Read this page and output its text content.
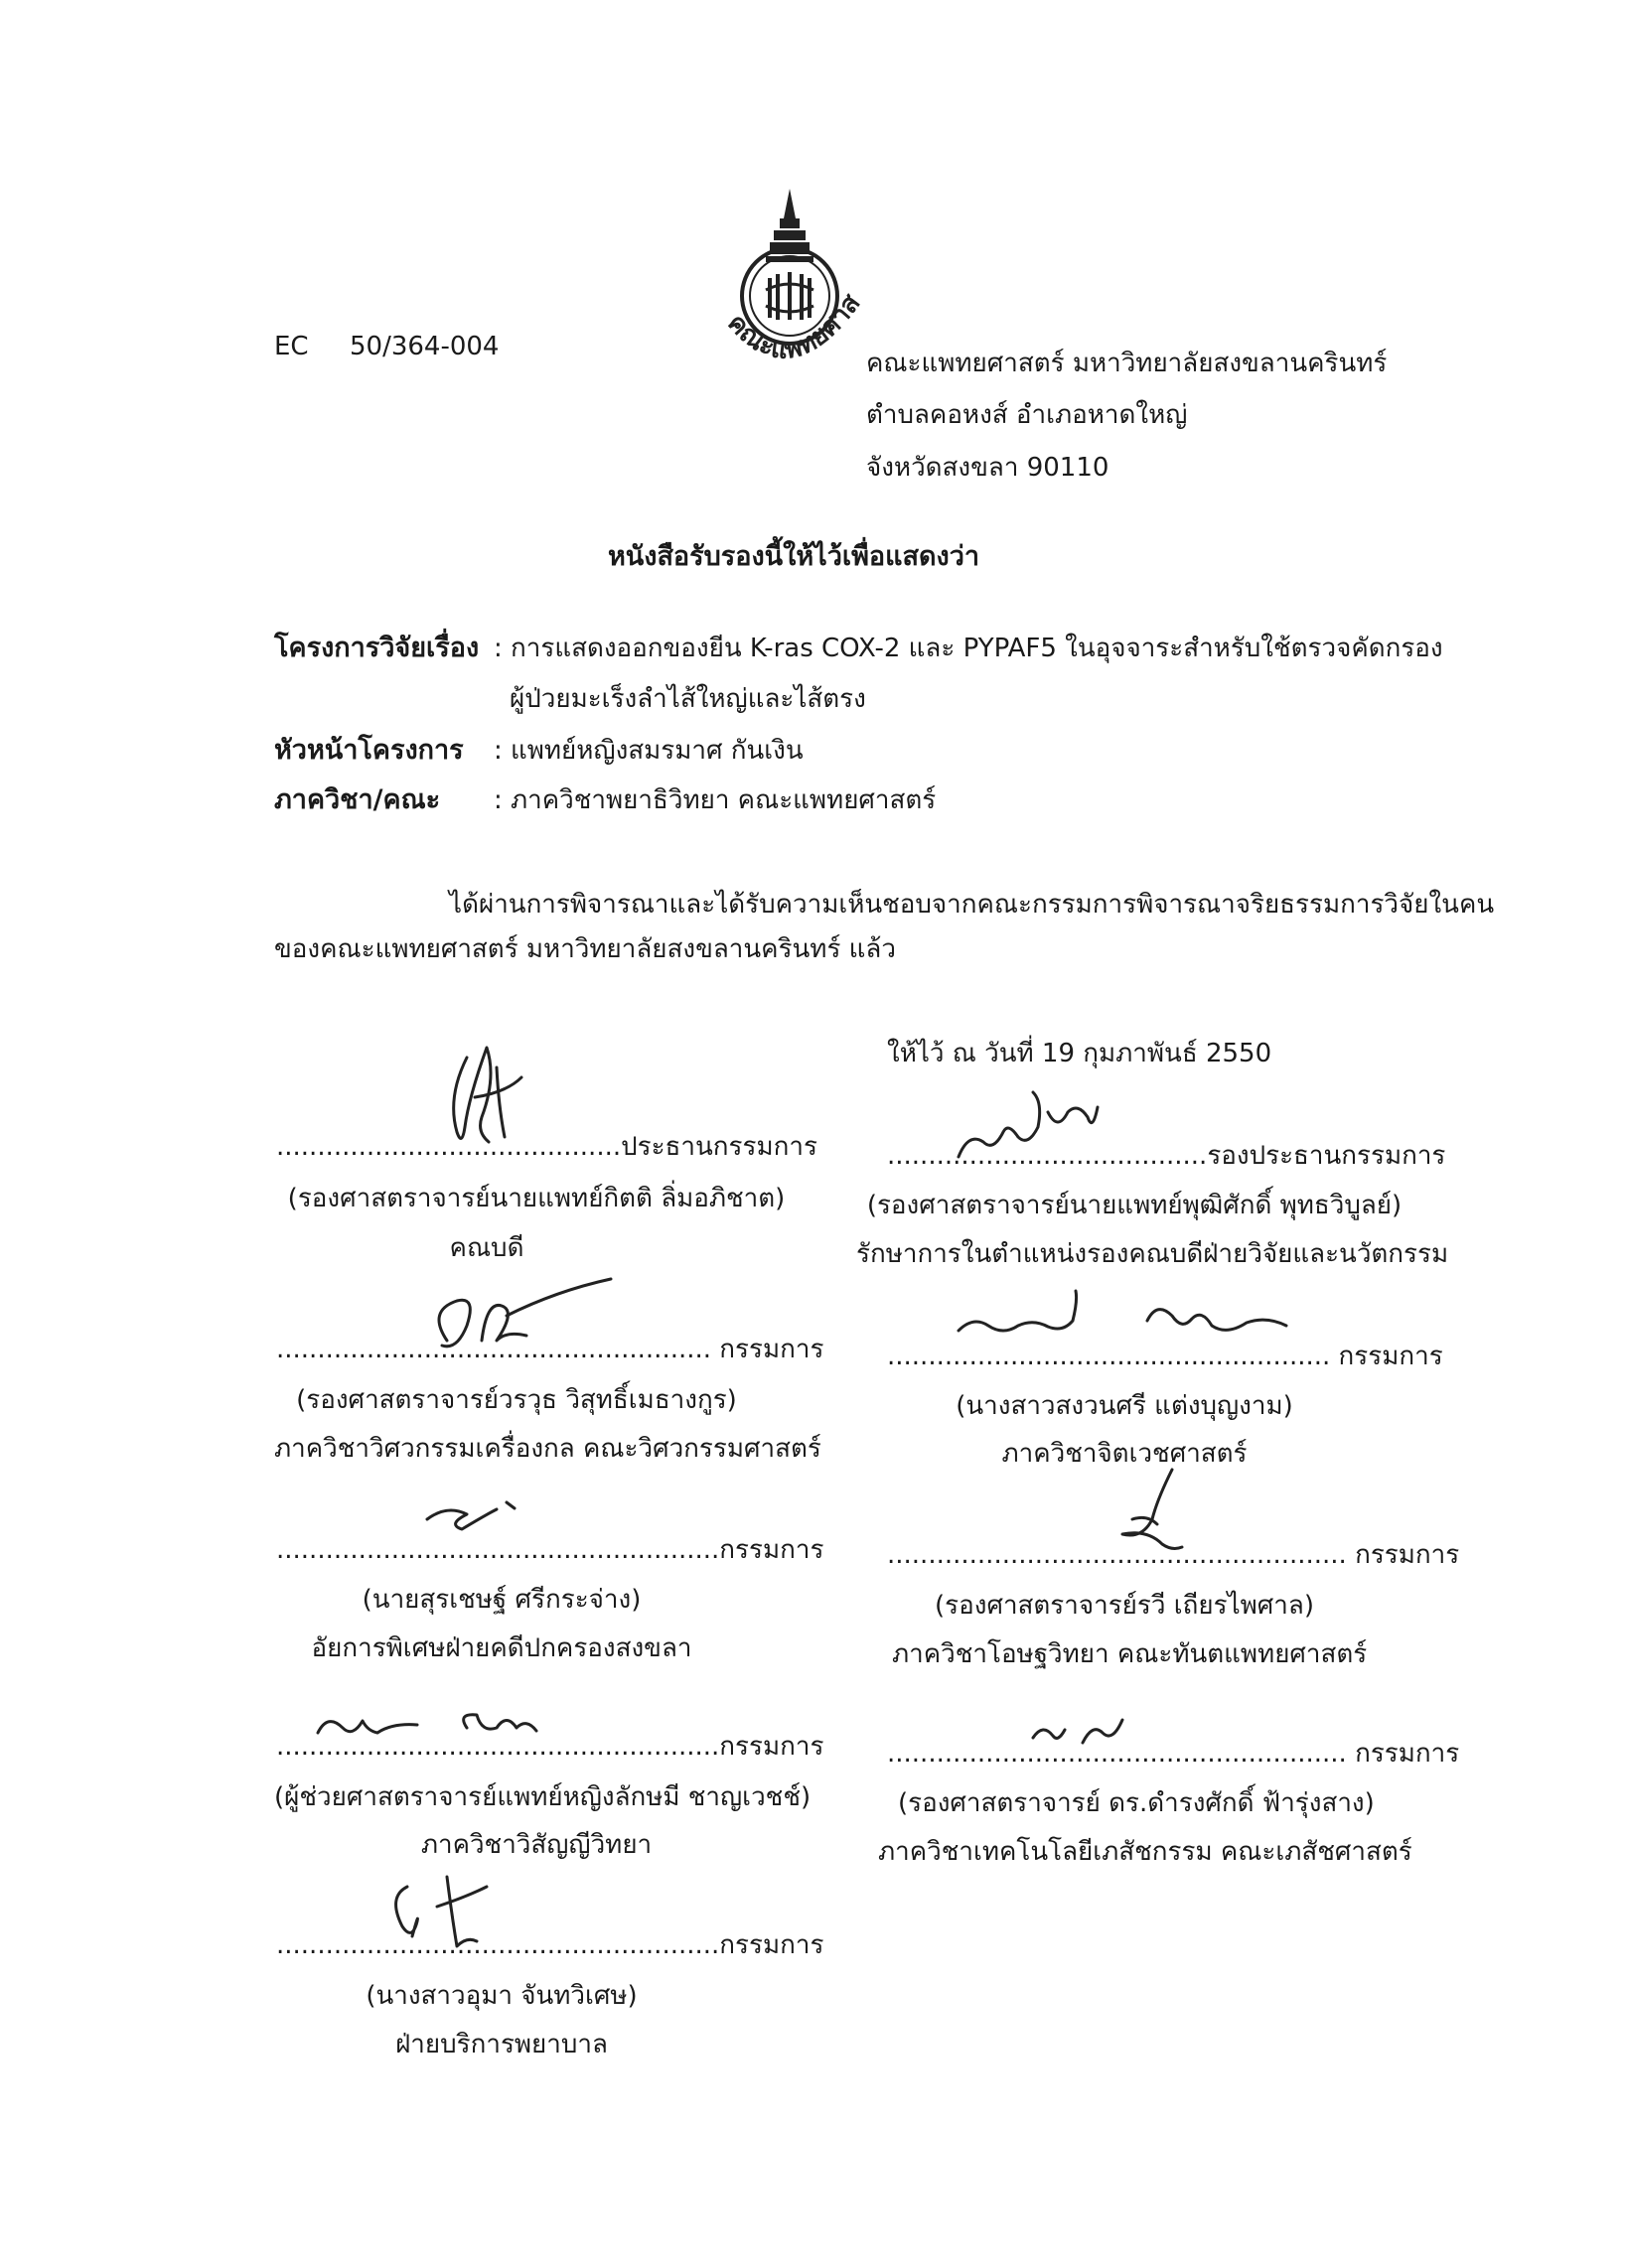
EC 50/364-004
คณะแพทยศาส
คณะแพทยศาสตร์ มหาวิทยาลัยสงขลานครินทร์
ตำบลคอหงส์ อำเภอหาดใหญ่
จังหวัดสงขลา 90110
หนังสือรับรองนี้ให้ไว้เพื่อแสดงว่า
โครงการวิจัยเรื่อง : การแสดงออกของยีน K-ras COX-2 และ PYPAF5 ในอุจจาระสำหรับใช้ตรวจคัดกรอง
ผู้ป่วยมะเร็งลำไส้ใหญ่และไส้ตรง
หัวหน้าโครงการ : แพทย์หญิงสมรมาศ กันเงิน
ภาควิชา/คณะ : ภาควิชาพยาธิวิทยา คณะแพทยศาสตร์
ได้ผ่านการพิจารณาและได้รับความเห็นชอบจากคณะกรรมการพิจารณาจริยธรรมการวิจัยในคน
ของคณะแพทยศาสตร์ มหาวิทยาลัยสงขลานครินทร์ แล้ว
ให้ไว้ ณ วันที่ 19 กุมภาพันธ์ 2550
..........................................ประธานกรรมการ
(รองศาสตราจารย์นายแพทย์กิตติ ลิ่มอภิชาต)
คณบดี
..................................................... กรรมการ
(รองศาสตราจารย์วรวุธ วิสุทธิ์เมธางกูร)
ภาควิชาวิศวกรรมเครื่องกล คณะวิศวกรรมศาสตร์
......................................................กรรมการ
(นายสุรเชษฐ์ ศรีกระจ่าง)
อัยการพิเศษฝ่ายคดีปกครองสงขลา
......................................................กรรมการ
(ผู้ช่วยศาสตราจารย์แพทย์หญิงลักษมี ชาญเวชช์)
ภาควิชาวิสัญญีวิทยา
......................................................กรรมการ
(นางสาวอุมา จันทวิเศษ)
ฝ่ายบริการพยาบาล
.......................................รองประธานกรรมการ
(รองศาสตราจารย์นายแพทย์พุฒิศักดิ์ พุทธวิบูลย์)
รักษาการในตำแหน่งรองคณบดีฝ่ายวิจัยและนวัตกรรม
...................................................... กรรมการ
(นางสาวสงวนศรี แต่งบุญงาม)
ภาควิชาจิตเวชศาสตร์
........................................................ กรรมการ
(รองศาสตราจารย์รวี เถียรไพศาล)
ภาควิชาโอษฐวิทยา คณะทันตแพทยศาสตร์
........................................................ กรรมการ
(รองศาสตราจารย์ ดร.ดำรงศักดิ์ ฟ้ารุ่งสาง)
ภาควิชาเทคโนโลยีเภสัชกรรม คณะเภสัชศาสตร์
